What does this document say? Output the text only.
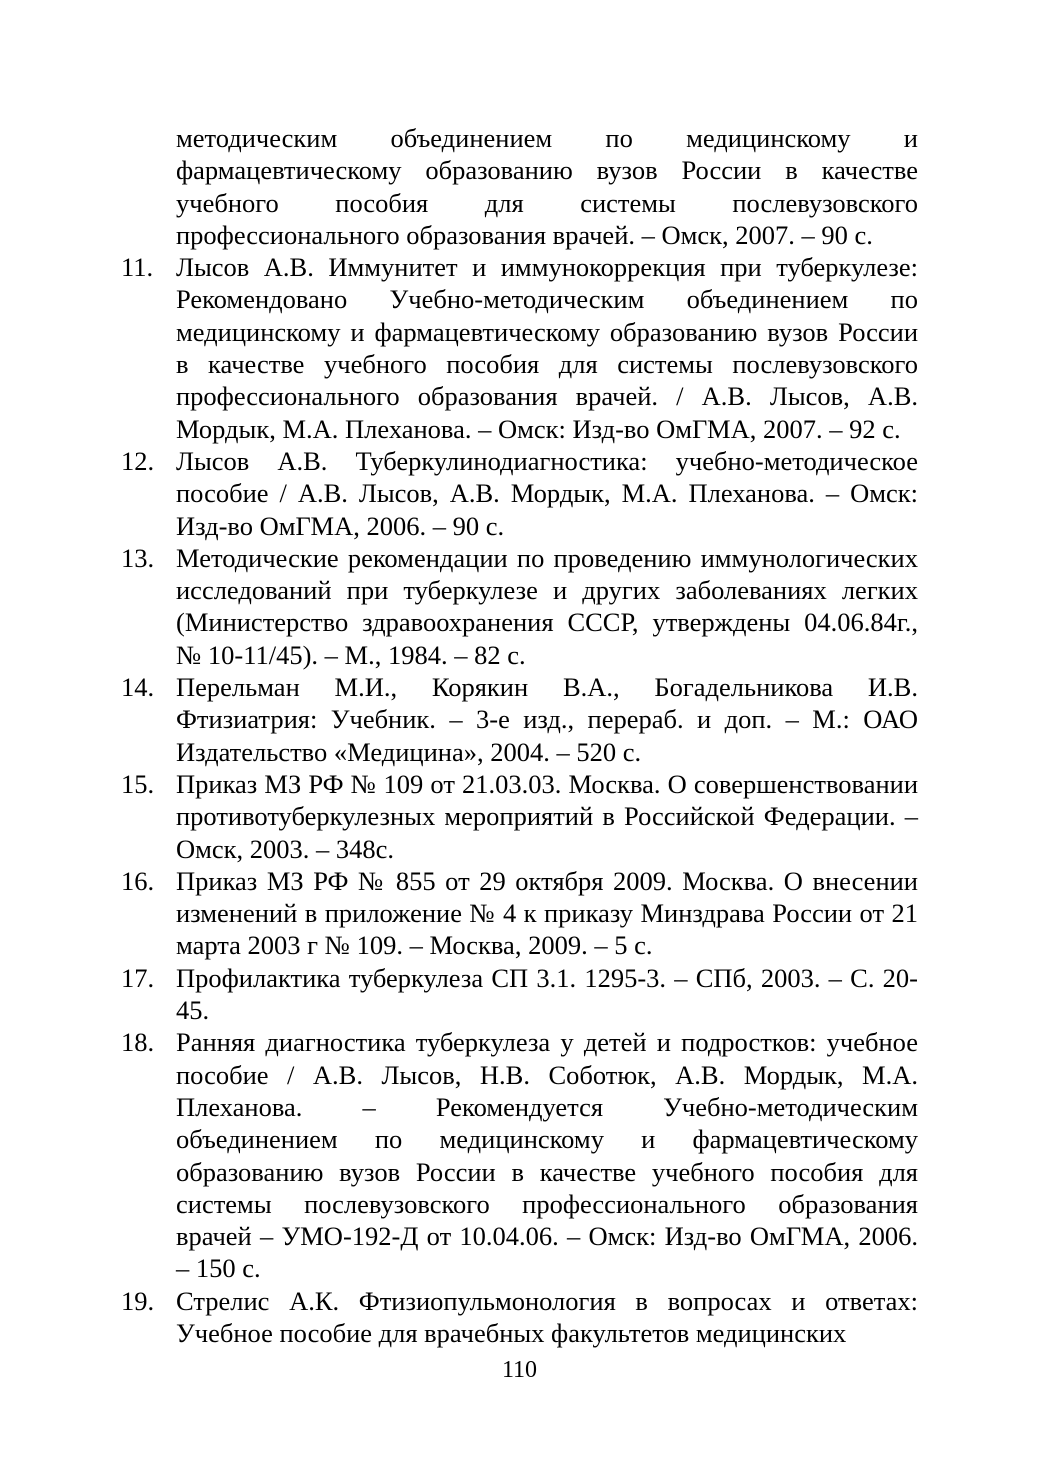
методическим объединением по медицинскому и фармацевтическому образованию вузов России в качестве учебного пособия для системы послевузовского профессионального образования врачей. – Омск, 2007. – 90 с.
11. Лысов А.В. Иммунитет и иммунокоррекция при туберкулезе: Рекомендовано Учебно-методическим объединением по медицинскому и фармацевтическому образованию вузов России в качестве учебного пособия для системы послевузовского профессионального образования врачей. / А.В. Лысов, А.В. Мордык, М.А. Плеханова. – Омск: Изд-во ОмГМА, 2007. – 92 с.
12. Лысов А.В. Туберкулинодиагностика: учебно-методическое пособие / А.В. Лысов, А.В. Мордык, М.А. Плеханова. – Омск: Изд-во ОмГМА, 2006. – 90 с.
13. Методические рекомендации по проведению иммунологических исследований при туберкулезе и других заболеваниях легких (Министерство здравоохранения СССР, утверждены 04.06.84г., № 10-11/45). – М., 1984. – 82 с.
14. Перельман М.И., Корякин В.А., Богадельникова И.В. Фтизиатрия: Учебник. – 3-е изд., перераб. и доп. – М.: ОАО Издательство «Медицина», 2004. – 520 с.
15. Приказ МЗ РФ № 109 от 21.03.03. Москва. О совершенствовании противотуберкулезных мероприятий в Российской Федерации. – Омск, 2003. – 348с.
16. Приказ МЗ РФ № 855 от 29 октября 2009. Москва. О внесении изменений в приложение № 4 к приказу Минздрава России от 21 марта 2003 г № 109. – Москва, 2009. – 5 с.
17. Профилактика туберкулеза СП 3.1. 1295-3. – СПб, 2003. – С. 20-45.
18. Ранняя диагностика туберкулеза у детей и подростков: учебное пособие / А.В. Лысов, Н.В. Соботюк, А.В. Мордык, М.А. Плеханова. – Рекомендуется Учебно-методическим объединением по медицинскому и фармацевтическому образованию вузов России в качестве учебного пособия для системы послевузовского профессионального образования врачей – УМО-192-Д от 10.04.06. – Омск: Изд-во ОмГМА, 2006. – 150 с.
19. Стрелис А.К. Фтизиопульмонология в вопросах и ответах: Учебное пособие для врачебных факультетов медицинских
110
